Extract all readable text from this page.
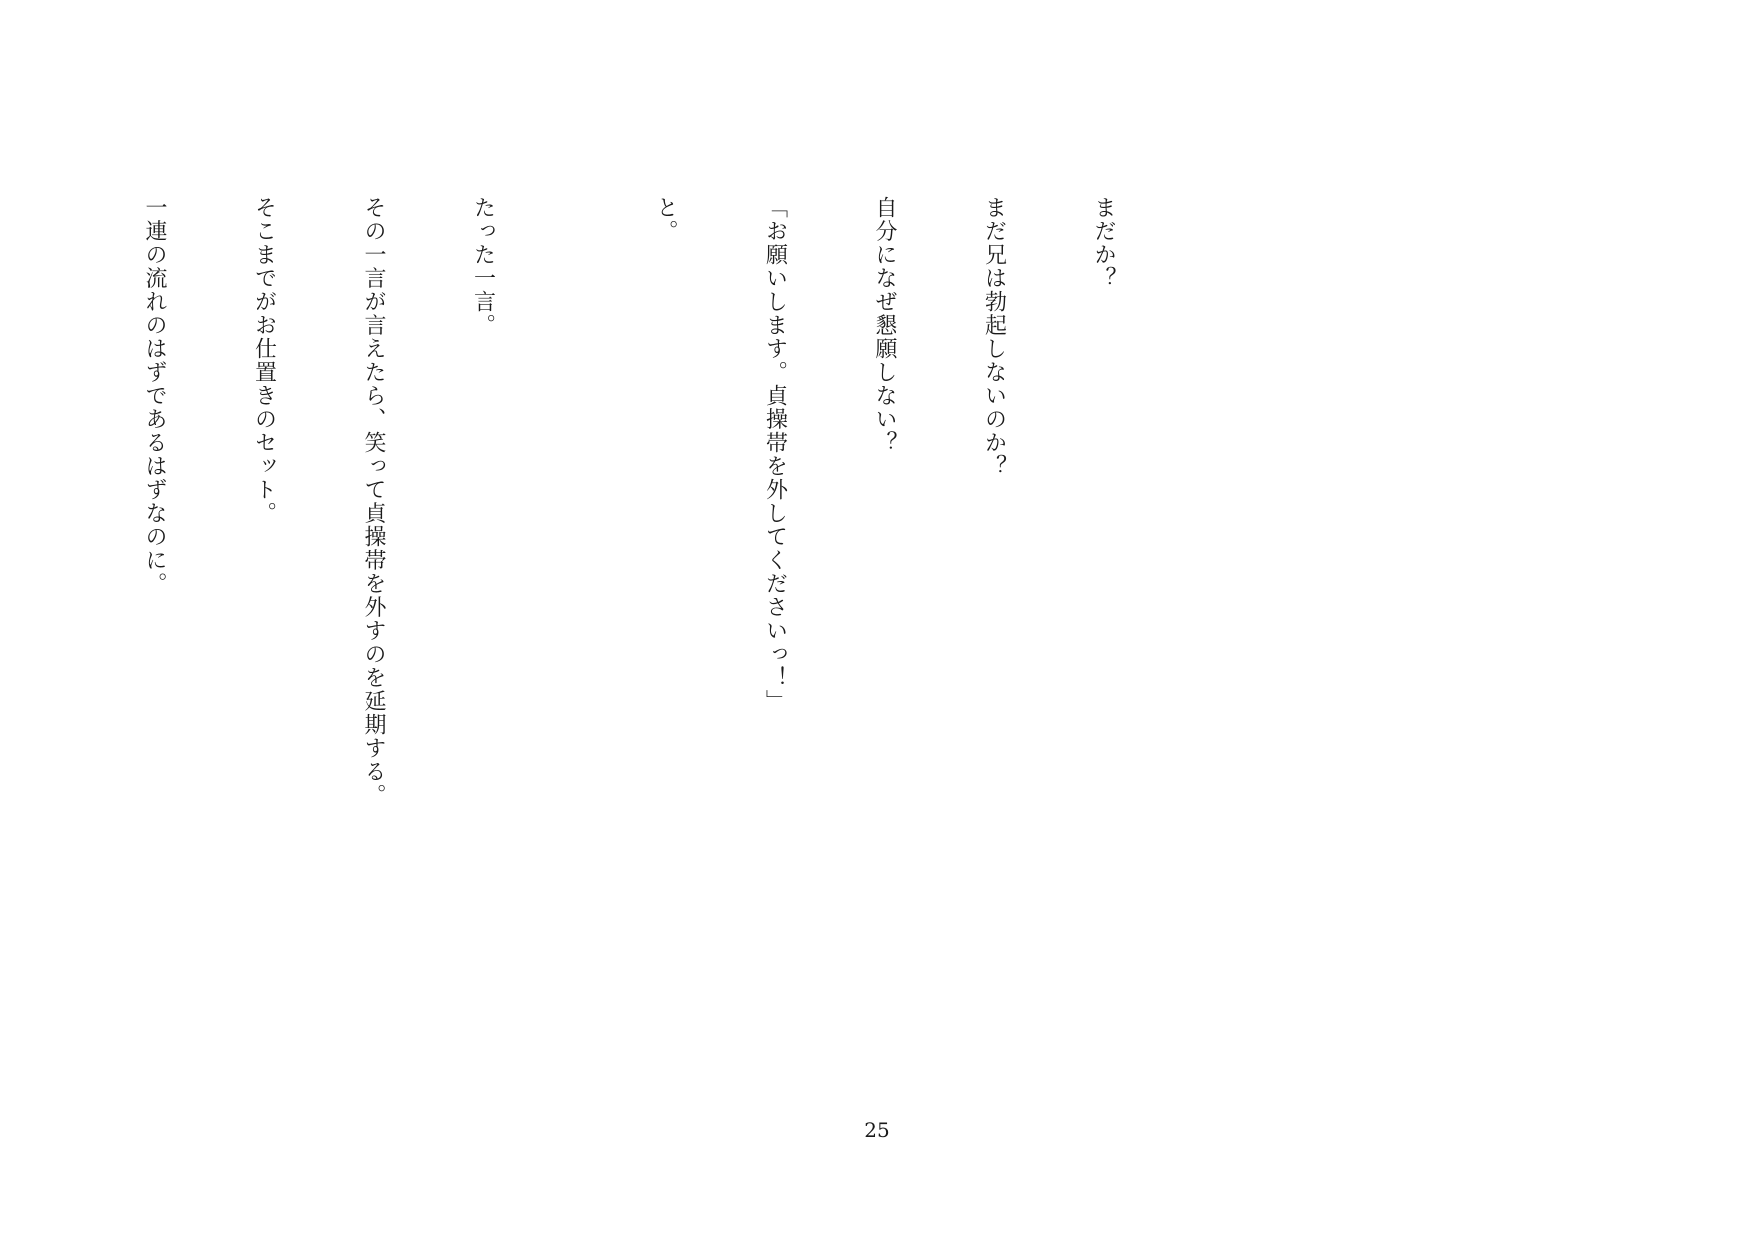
まだか？

まだ兄は勃起しないのか？

自分になぜ懇願しない？

「お願いします。貞操帯を外してくださいっ！」

と。

たった一言。

その一言が言えたら、笑って貞操帯を外すのを延期する。

そこまでがお仕置きのセット。

一連の流れのはずであるはずなのに。

25
